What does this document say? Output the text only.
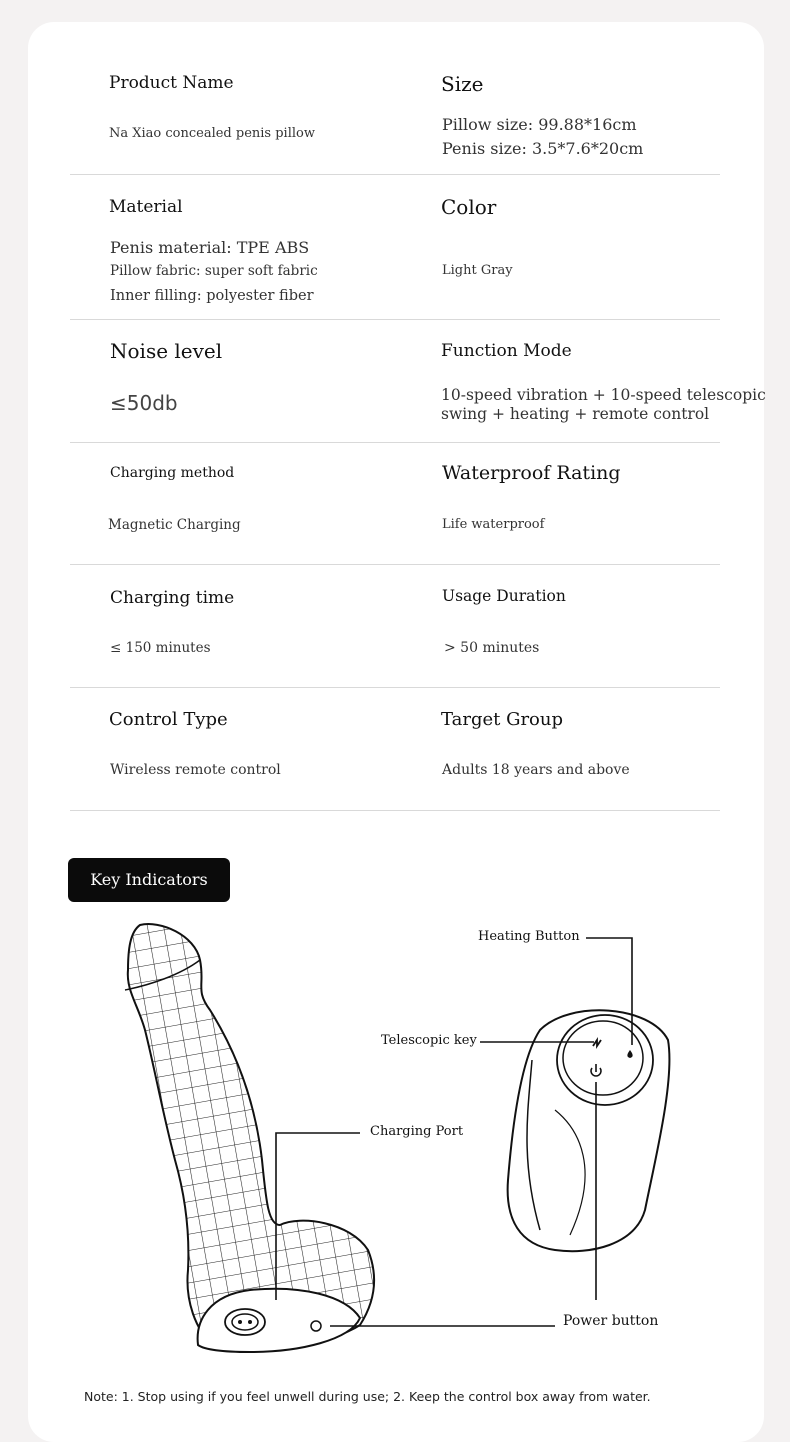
Product Name
Na Xiao concealed penis pillow
Size
Pillow size: 99.88*16cm
Penis size: 3.5*7.6*20cm
Material
Penis material: TPE ABS
Pillow fabric: super soft fabric
Inner filling: polyester fiber
Color
Light Gray
Noise level
≤50db
Function Mode
10-speed vibration + 10-speed telescopic
swing + heating + remote control
Charging method
Magnetic Charging
Waterproof Rating
Life waterproof
Charging time
≤ 150 minutes
Usage Duration
> 50 minutes
Control Type
Wireless remote control
Target Group
Adults 18 years and above
Key Indicators
Heating Button
Telescopic key
Charging Port
Power button
Note: 1. Stop using if you feel unwell during use; 2. Keep the control box away from water.
